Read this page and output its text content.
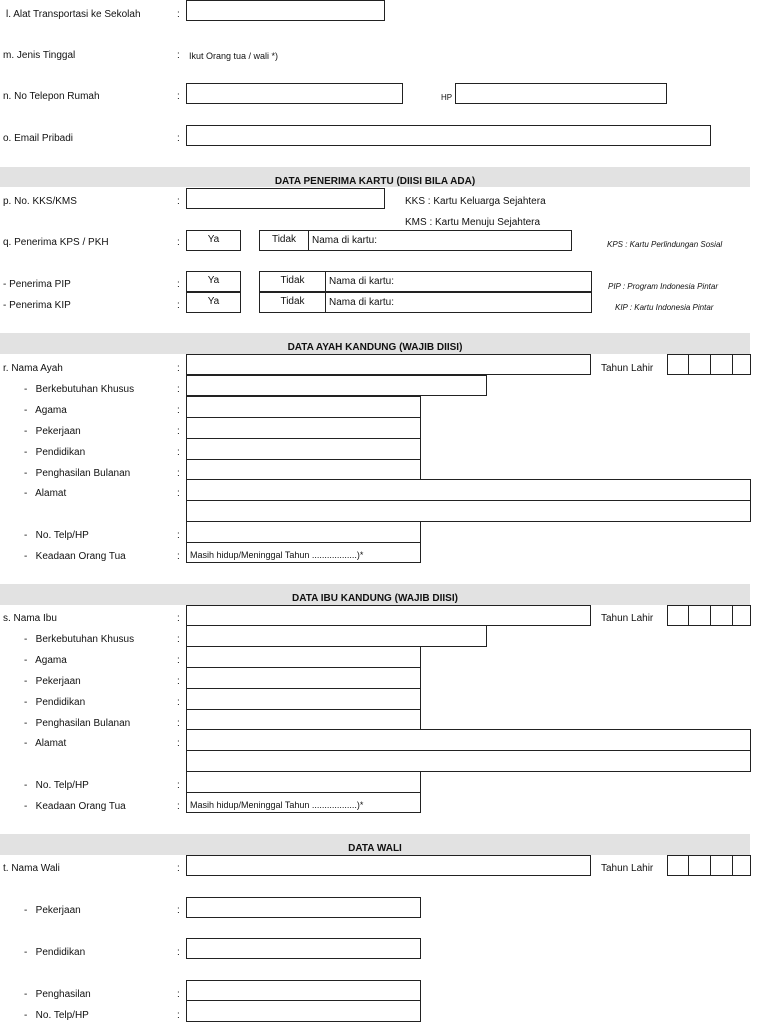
l. Alat Transportasi ke Sekolah	:
m. Jenis Tinggal	: Ikut Orang tua / wali *)
n. No Telepon Rumah	:	HP
o. Email Pribadi	:
DATA PENERIMA KARTU (DIISI BILA ADA)
p. No. KKS/KMS	:	KKS : Kartu Keluarga Sejahtera
KMS : Kartu Menuju Sejahtera
q. Penerima KPS / PKH	:	Ya	Tidak	Nama di kartu:	KPS : Kartu Perlindungan Sosial
- Penerima PIP	:	Ya	Tidak	Nama di kartu:	PIP : Program Indonesia Pintar
- Penerima KIP	:	Ya	Tidak	Nama di kartu:	KIP : Kartu Indonesia Pintar
DATA AYAH KANDUNG (WAJIB DIISI)
r. Nama Ayah	:	Tahun Lahir
-   Berkebutuhan Khusus	:
-   Agama	:
-   Pekerjaan	:
-   Pendidikan	:
-   Penghasilan Bulanan	:
-   Alamat	:
-   No. Telp/HP	:
-   Keadaan Orang Tua	:	Masih hidup/Meninggal Tahun ..................)*
DATA IBU KANDUNG (WAJIB DIISI)
s. Nama Ibu	:	Tahun Lahir
-   Berkebutuhan Khusus	:
-   Agama	:
-   Pekerjaan	:
-   Pendidikan	:
-   Penghasilan Bulanan	:
-   Alamat	:
-   No. Telp/HP	:
-   Keadaan Orang Tua	:	Masih hidup/Meninggal Tahun ..................)*
DATA WALI
t. Nama Wali	:	Tahun Lahir
-   Pekerjaan	:
-   Pendidikan	:
-   Penghasilan	:
-   No. Telp/HP	:
